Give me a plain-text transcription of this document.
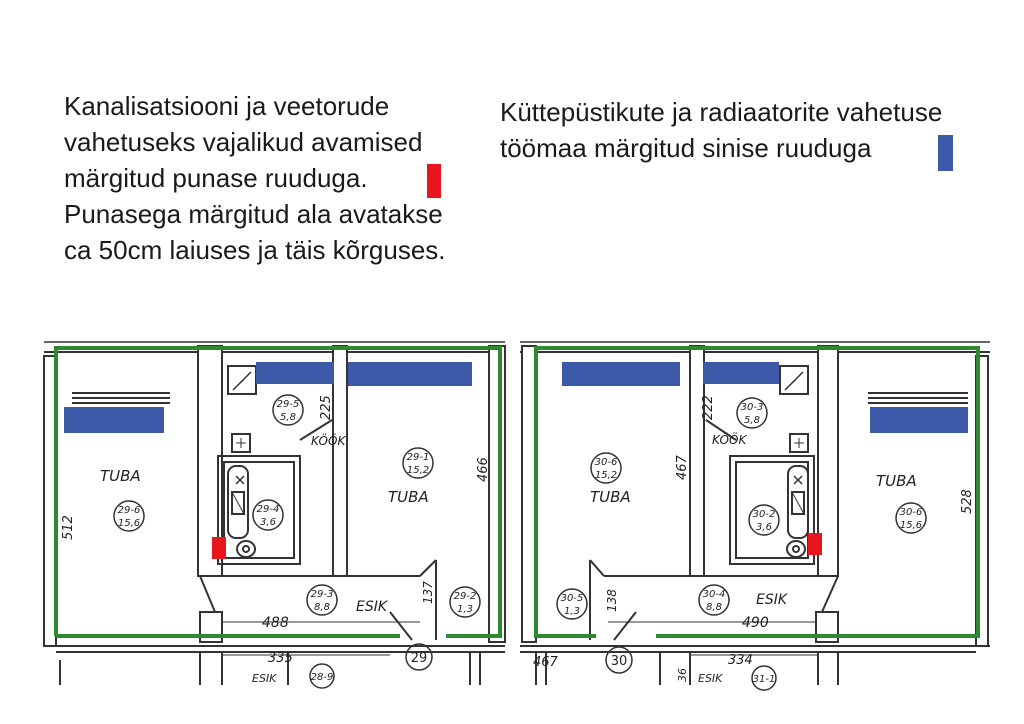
Kanalisatsiooni ja veetorude
vahetuseks vajalikud avamised
märgitud punase ruuduga.
Punasega märgitud ala avatakse
ca 50cm laiuses ja täis kõrguses.

Küttepüstikute ja radiaatorite vahetuse
töömaa märgitud sinise ruuduga

TUBA
KÖÖK
TUBA
ESIK
29-6
15,6
29-5
5,8
29-1
15,2
29-4
3,6
29-3
8,8
29-2
1,3
512
225
466
488
137
335	29
ESIK	28-9
TUBA
KÖÖK
TUBA
ESIK
30-6
15,2
30-3
5,8
30-6
15,6
30-2
3,6
30-4
8,8
30-5
1,3
222
467
528
138
490
467	334
36
30
ESIK	31-1
